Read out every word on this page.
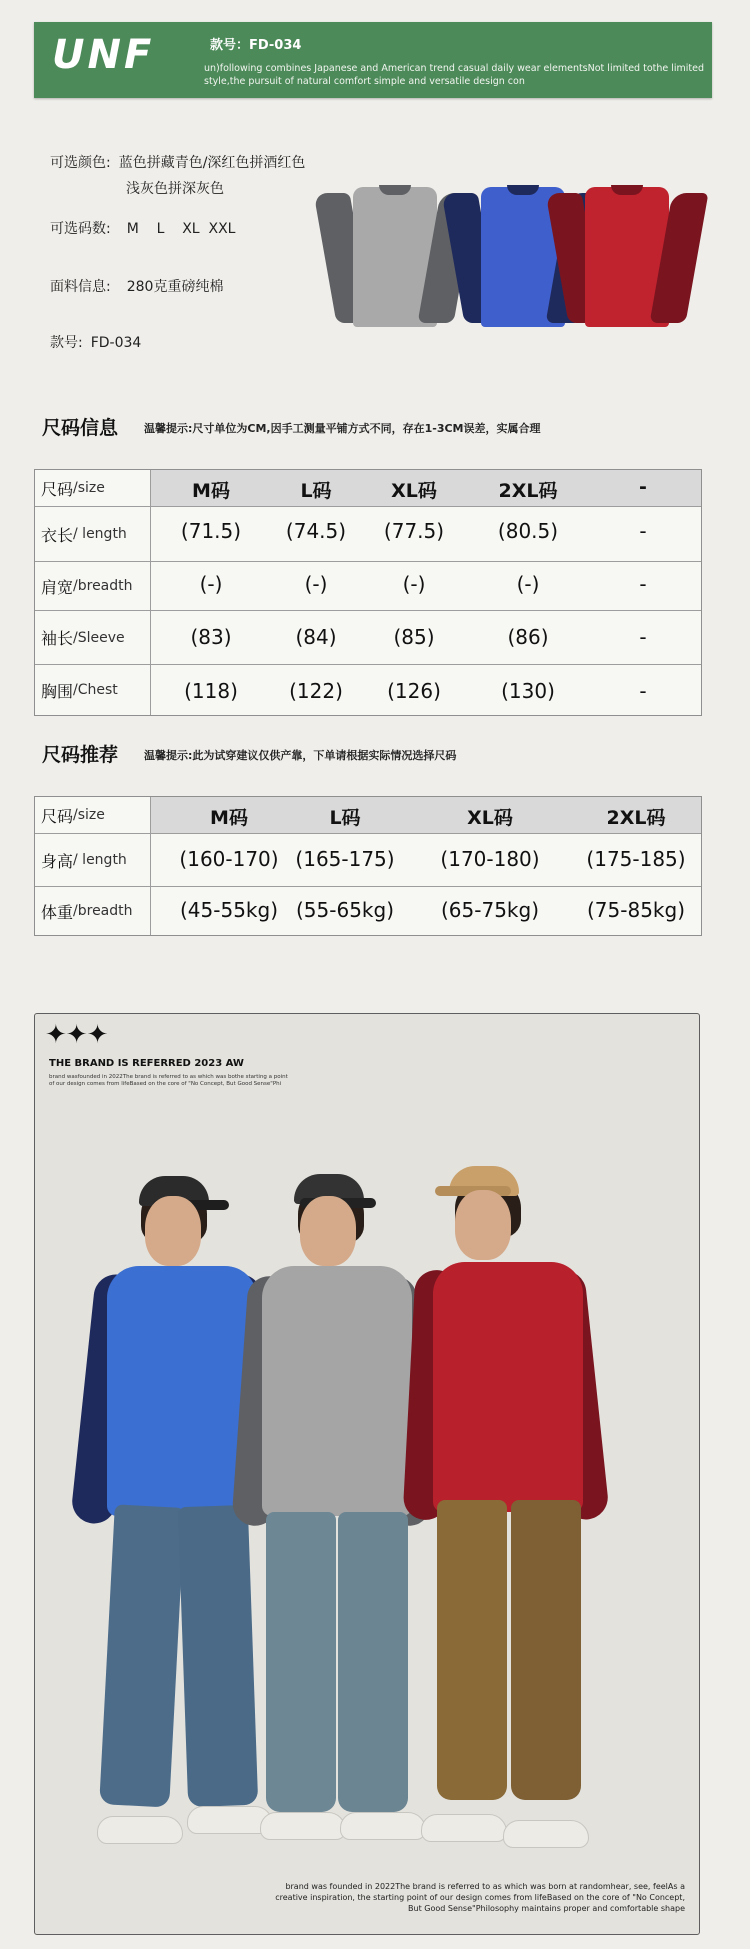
UNF	款号：FD-034
un)following combines Japanese and American trend casual daily wear elementsNot limited tothe limited style,the pursuit of natural comfort simple and versatile design con
可选颜色: 蓝色拼藏青色/深红色拼酒红色
浅灰色拼深灰色
可选码数: M    L    XL  XXL
面料信息: 280克重磅纯棉
款号: FD-034
尺码信息 温馨提示:尺寸单位为CM,因手工测量平铺方式不同，存在1-3CM误差，实属合理
尺码 /size	M码	L码	XL码	2XL码	-
衣长 / length	(71.5) (74.5) (77.5)	(80.5)	-
肩宽 /breadth	(-)	(-)	(-)	(-)	-
袖长 /Sleeve	(83)	(84)	(85)	(86)	-
胸围 /Chest	(118)	(122) (126)	(130)	-
尺码推荐 温馨提示:此为试穿建议仅供产靠，下单请根据实际情况选择尺码
尺码 /size	M码	L码	XL码	2XL码
身高 / length	(160-170) (165-175) (170-180) (175-185)
体重 /breadth (45-55kg) (55-65kg) (65-75kg) (75-85kg)
✦✦✦
THE BRAND IS REFERRED 2023 AW
brand wasfounded in 2022The brand is referred to as which was bothe starting a point of our design comes from lifeBased on the core of "No Concept, But Good Sense"Phi
brand was founded in 2022The brand is referred to as which was born at randomhear, see, feelAs a creative inspiration, the starting point of our design comes from lifeBased on the core of "No Concept, But Good Sense"Philosophy maintains proper and comfortable shape
